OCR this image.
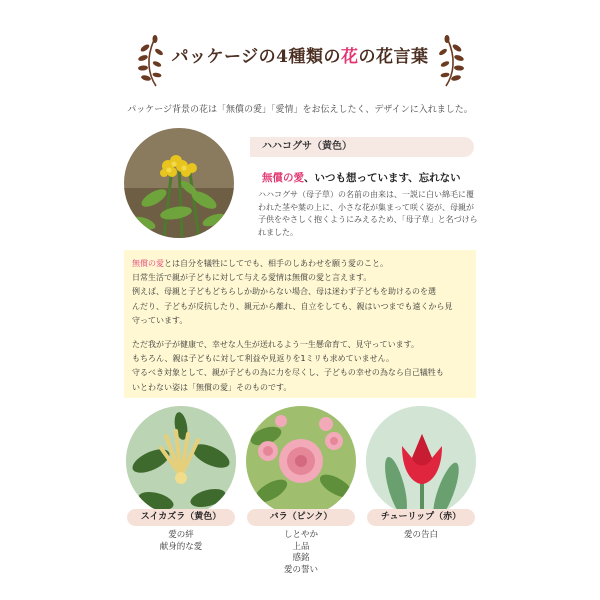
パッケージの4種類の花の花言葉
パッケージ背景の花は「無償の愛」「愛情」をお伝えしたく、デザインに入れました。
ハハコグサ（黄色）
無償の愛、いつも想っています、忘れない
ハハコグサ（母子草）の名前の由来は、一説に白い綿毛に覆われた茎や葉の上に、小さな花が集まって咲く姿が、母親が子供をやさしく抱くようにみえるため、「母子草」と名づけられました。

無償の愛とは自分を犠牲にしてでも、相手のしあわせを願う愛のこと。

日常生活で親が子どもに対して与える愛情は無償の愛と言えます。

例えば、母親と子どもどちらしか助からない場合、母は迷わず子どもを助けるのを選

んだり、子どもが反抗したり、親元から離れ、自立をしても、親はいつまでも遠くから見

守っています。

ただ我が子が健康で、幸せな人生が送れるよう一生懸命育て、見守っています。

もちろん、親は子どもに対して利益や見返りを1ミリも求めていません。

守るべき対象として、親が子どもの為に力を尽くし、子どもの幸せの為なら自己犠牲も

いとわない姿は「無償の愛」そのものです。

スイカズラ（黄色）	バラ（ピンク）	チューリップ（赤）
愛の絆
献身的な愛
しとやか
上品
感銘
愛の誓い
愛の告白
